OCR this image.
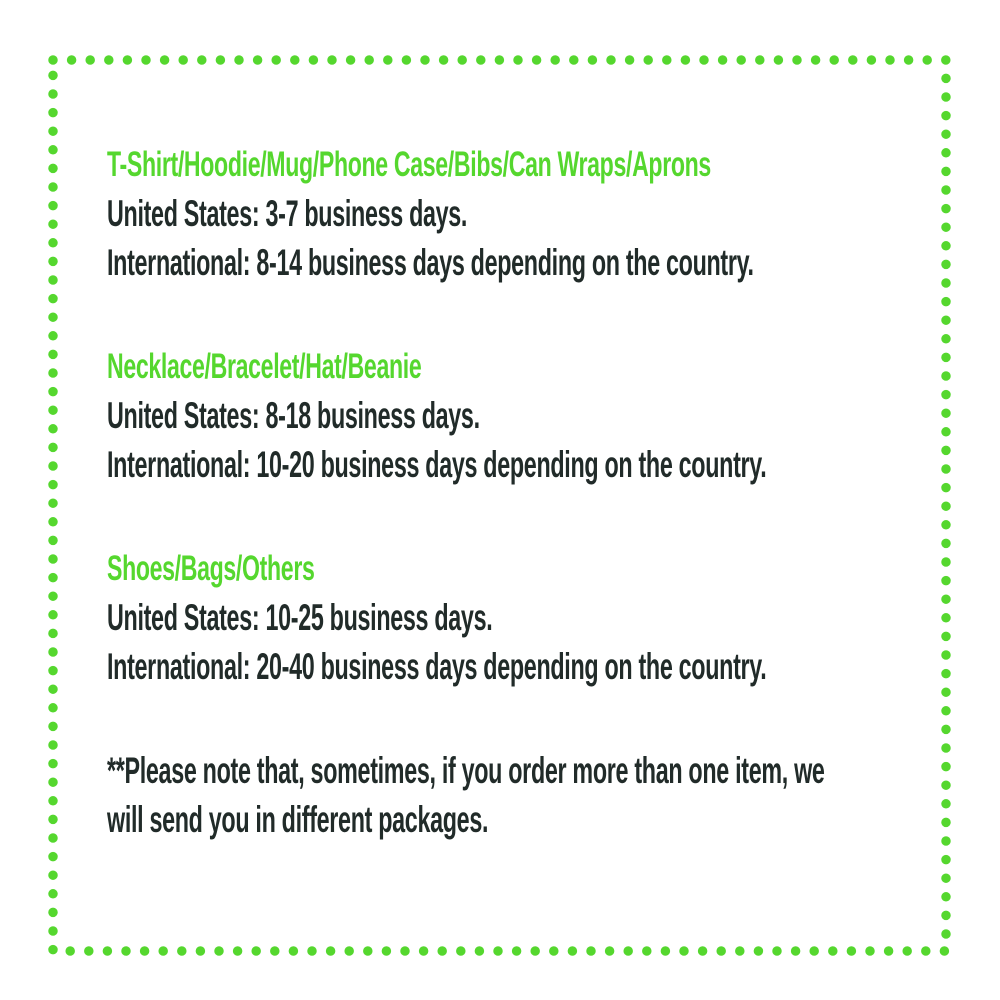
T-Shirt/Hoodie/Mug/Phone Case/Bibs/Can Wraps/Aprons
United States: 3-7 business days.
International: 8-14 business days depending on the country.
Necklace/Bracelet/Hat/Beanie
United States: 8-18 business days.
International: 10-20 business days depending on the country.
Shoes/Bags/Others
United States: 10-25 business days.
International: 20-40 business days depending on the country.
**Please note that, sometimes, if you order more than one item, we
will send you in different packages.
